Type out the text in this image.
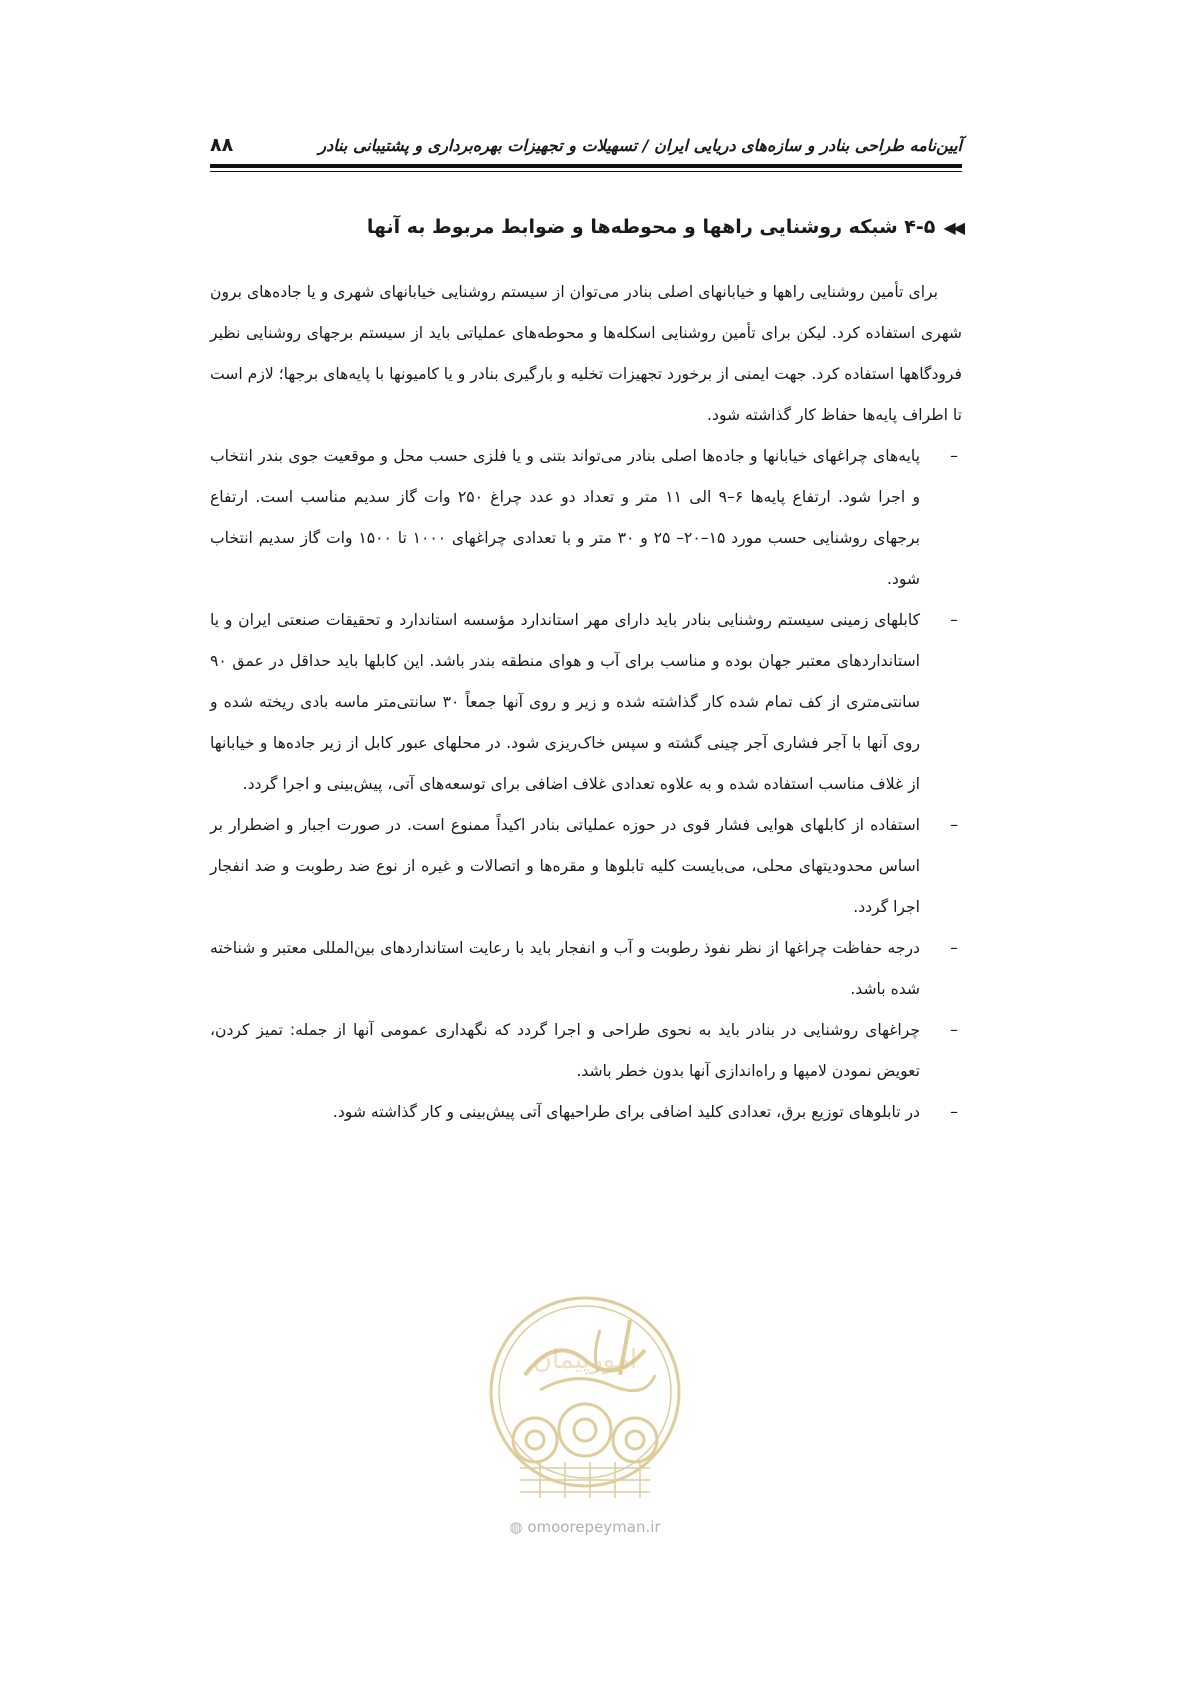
آیین‌نامه طراحی بنادر و سازه‌های دریایی ایران / تسهیلات و تجهیزات بهره‌برداری و پشتیبانی بنادر
۸۸
◀◀
۴-۵ شبکه روشنایی راهها و محوطه‌ها و ضوابط مربوط به آنها

برای تأمین روشنایی راهها و خیابانهای اصلی بنادر می‌توان از سیستم روشنایی خیابانهای شهری و یا جاده‌های برون شهری استفاده کرد. لیکن برای تأمین روشنایی اسکله‌ها و محوطه‌های عملیاتی باید از سیستم برجهای روشنایی نظیر فرودگاهها استفاده کرد. جهت ایمنی از برخورد تجهیزات تخلیه و بارگیری بنادر و یا کامیونها با پایه‌های برجها؛ لازم است تا اطراف پایه‌ها حفاظ کار گذاشته شود.

–
پایه‌های چراغهای خیابانها و جاده‌ها اصلی بنادر می‌تواند بتنی و یا فلزی حسب محل و موقعیت جوی بندر انتخاب و اجرا شود. ارتفاع پایه‌ها ۶–۹ الی ۱۱ متر و تعداد دو عدد چراغ ۲۵۰ وات گاز سدیم مناسب است. ارتفاع برجهای روشنایی حسب مورد ۱۵–۲۰– ۲۵ و ۳۰ متر و با تعدادی چراغهای ۱۰۰۰ تا ۱۵۰۰ وات گاز سدیم انتخاب شود.
–
کابلهای زمینی سیستم روشنایی بنادر باید دارای مهر استاندارد مؤسسه استاندارد و تحقیقات صنعتی ایران و یا استانداردهای معتبر جهان بوده و مناسب برای آب و هوای منطقه بندر باشد. این کابلها باید حداقل در عمق ۹۰ سانتی‌متری از کف تمام شده کار گذاشته شده و زیر و روی آنها جمعاً ۳۰ سانتی‌متر ماسه بادی ریخته شده و روی آنها با آجر فشاری آجر چینی گشته و سپس خاک‌ریزی شود. در محلهای عبور کابل از زیر جاده‌ها و خیابانها از غلاف مناسب استفاده شده و به علاوه تعدادی غلاف اضافی برای توسعه‌های آتی، پیش‌بینی و اجرا گردد.
–
استفاده از کابلهای هوایی فشار قوی در حوزه عملیاتی بنادر اکیداً ممنوع است. در صورت اجبار و اضطرار بر اساس محدودیتهای محلی، می‌بایست کلیه تابلوها و مقره‌ها و اتصالات و غیره از نوع ضد رطوبت و ضد انفجار اجرا گردد.
–
درجه حفاظت چراغها از نظر نفوذ رطوبت و آب و انفجار باید با رعایت استانداردهای بین‌المللی معتبر و شناخته شده باشد.
–
چراغهای روشنایی در بنادر باید به نحوی طراحی و اجرا گردد که نگهداری عمومی آنها از جمله: تمیز کردن، تعویض نمودن لامپها و راه‌اندازی آنها بدون خطر باشد.
–
در تابلوهای توزیع برق، تعدادی کلید اضافی برای طراحیهای آتی پیش‌بینی و کار گذاشته شود.
امورپیمان
◍ omoorepeyman.ir
